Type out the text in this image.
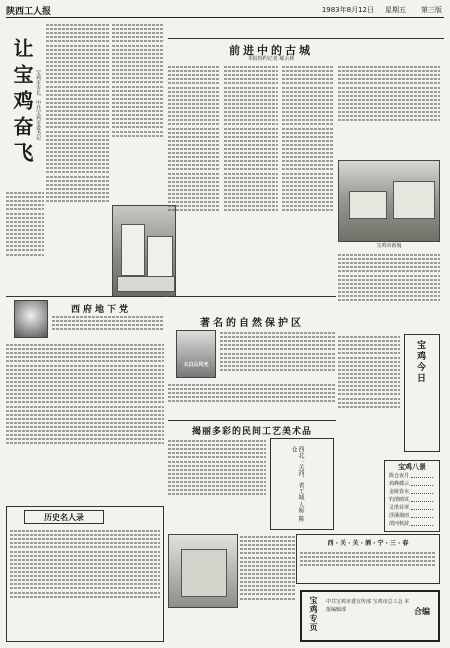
陕西工人报	1983年8月12日 星期五 第三版
让宝鸡奋飞 宝鸡市市长、中共宝鸡市委书记
前进中的古城
本报特约记者 郝云林
宝鸡市新貌
西府地下党
历史名人录
著名的自然保护区
太白山风光
揭丽多彩的民间工艺美术品
西北：关西、省工城 人称 陈仓
西 · 关 · 关 · 酒 · 宁 · 三 · 春
宝鸡今日
宝鸡八景
陈仓夜月
鸡峰插云
金陵春水
钓渭晴岚
灵塔耸翠
浮溪烟雨
渭河秋波
宝鸡专页 中共宝鸡市委宣传部 宝鸡市总工会 本报编辑部	合编
